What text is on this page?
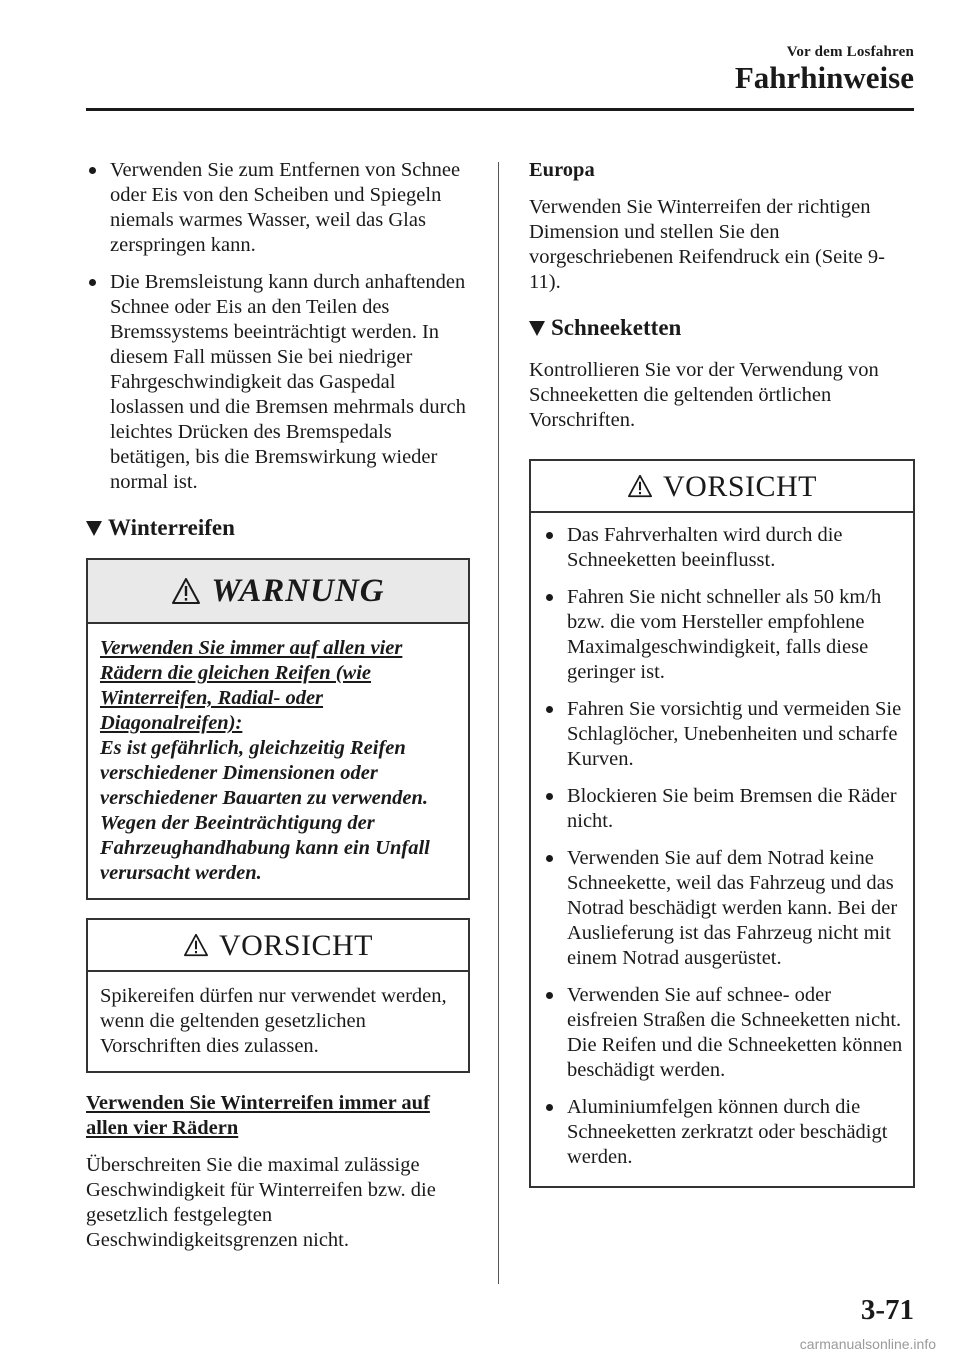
Vor dem Losfahren
Fahrhinweise
Verwenden Sie zum Entfernen von Schnee oder Eis von den Scheiben und Spiegeln niemals warmes Wasser, weil das Glas zerspringen kann.
Die Bremsleistung kann durch anhaftenden Schnee oder Eis an den Teilen des Bremssystems beeinträchtigt werden. In diesem Fall müssen Sie bei niedriger Fahrgeschwindigkeit das Gaspedal loslassen und die Bremsen mehrmals durch leichtes Drücken des Bremspedals betätigen, bis die Bremswirkung wieder normal ist.
Winterreifen
WARNUNG
Verwenden Sie immer auf allen vier Rädern die gleichen Reifen (wie Winterreifen, Radial- oder Diagonalreifen):
Es ist gefährlich, gleichzeitig Reifen verschiedener Dimensionen oder verschiedener Bauarten zu verwenden. Wegen der Beeinträchtigung der Fahrzeughandhabung kann ein Unfall verursacht werden.
VORSICHT
Spikereifen dürfen nur verwendet werden, wenn die geltenden gesetzlichen Vorschriften dies zulassen.
Verwenden Sie Winterreifen immer auf allen vier Rädern
Überschreiten Sie die maximal zulässige Geschwindigkeit für Winterreifen bzw. die gesetzlich festgelegten Geschwindigkeitsgrenzen nicht.
Europa
Verwenden Sie Winterreifen der richtigen Dimension und stellen Sie den vorgeschriebenen Reifendruck ein (Seite 9-11).
Schneeketten
Kontrollieren Sie vor der Verwendung von Schneeketten die geltenden örtlichen Vorschriften.
VORSICHT
Das Fahrverhalten wird durch die Schneeketten beeinflusst.
Fahren Sie nicht schneller als 50 km/h bzw. die vom Hersteller empfohlene Maximalgeschwindigkeit, falls diese geringer ist.
Fahren Sie vorsichtig und vermeiden Sie Schlaglöcher, Unebenheiten und scharfe Kurven.
Blockieren Sie beim Bremsen die Räder nicht.
Verwenden Sie auf dem Notrad keine Schneekette, weil das Fahrzeug und das Notrad beschädigt werden kann. Bei der Auslieferung ist das Fahrzeug nicht mit einem Notrad ausgerüstet.
Verwenden Sie auf schnee- oder eisfreien Straßen die Schneeketten nicht. Die Reifen und die Schneeketten können beschädigt werden.
Aluminiumfelgen können durch die Schneeketten zerkratzt oder beschädigt werden.
3-71
carmanualsonline.info
